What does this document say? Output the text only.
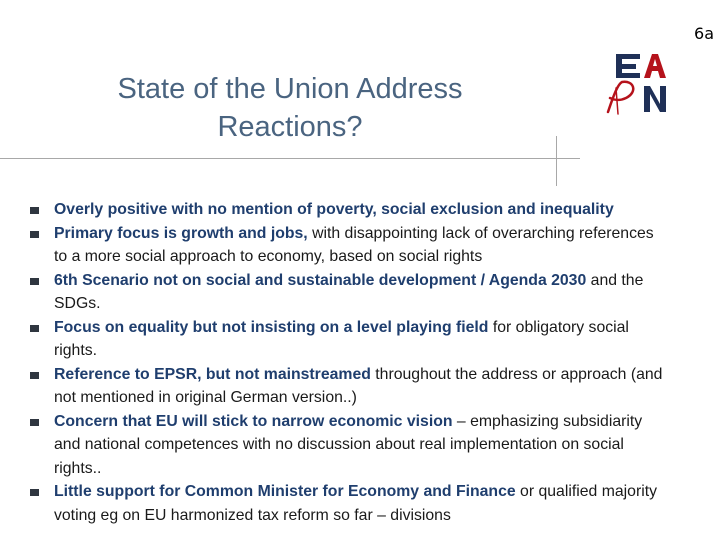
6a
State of the Union Address
Reactions?
Overly positive with no mention of poverty, social exclusion and inequality
Primary focus is growth and jobs, with disappointing lack of overarching references to a more social approach to economy, based on social rights
6th Scenario not on social and sustainable development / Agenda 2030 and the SDGs.
Focus on equality but not insisting on a level playing field for obligatory social rights.
Reference to EPSR, but not mainstreamed throughout the address or approach (and not mentioned in original German version..)
Concern that EU will stick to narrow economic vision – emphasizing subsidiarity and national competences with no discussion about real implementation on social rights..
Little support for Common Minister for Economy and Finance or qualified majority voting eg on EU harmonized tax reform so far – divisions
